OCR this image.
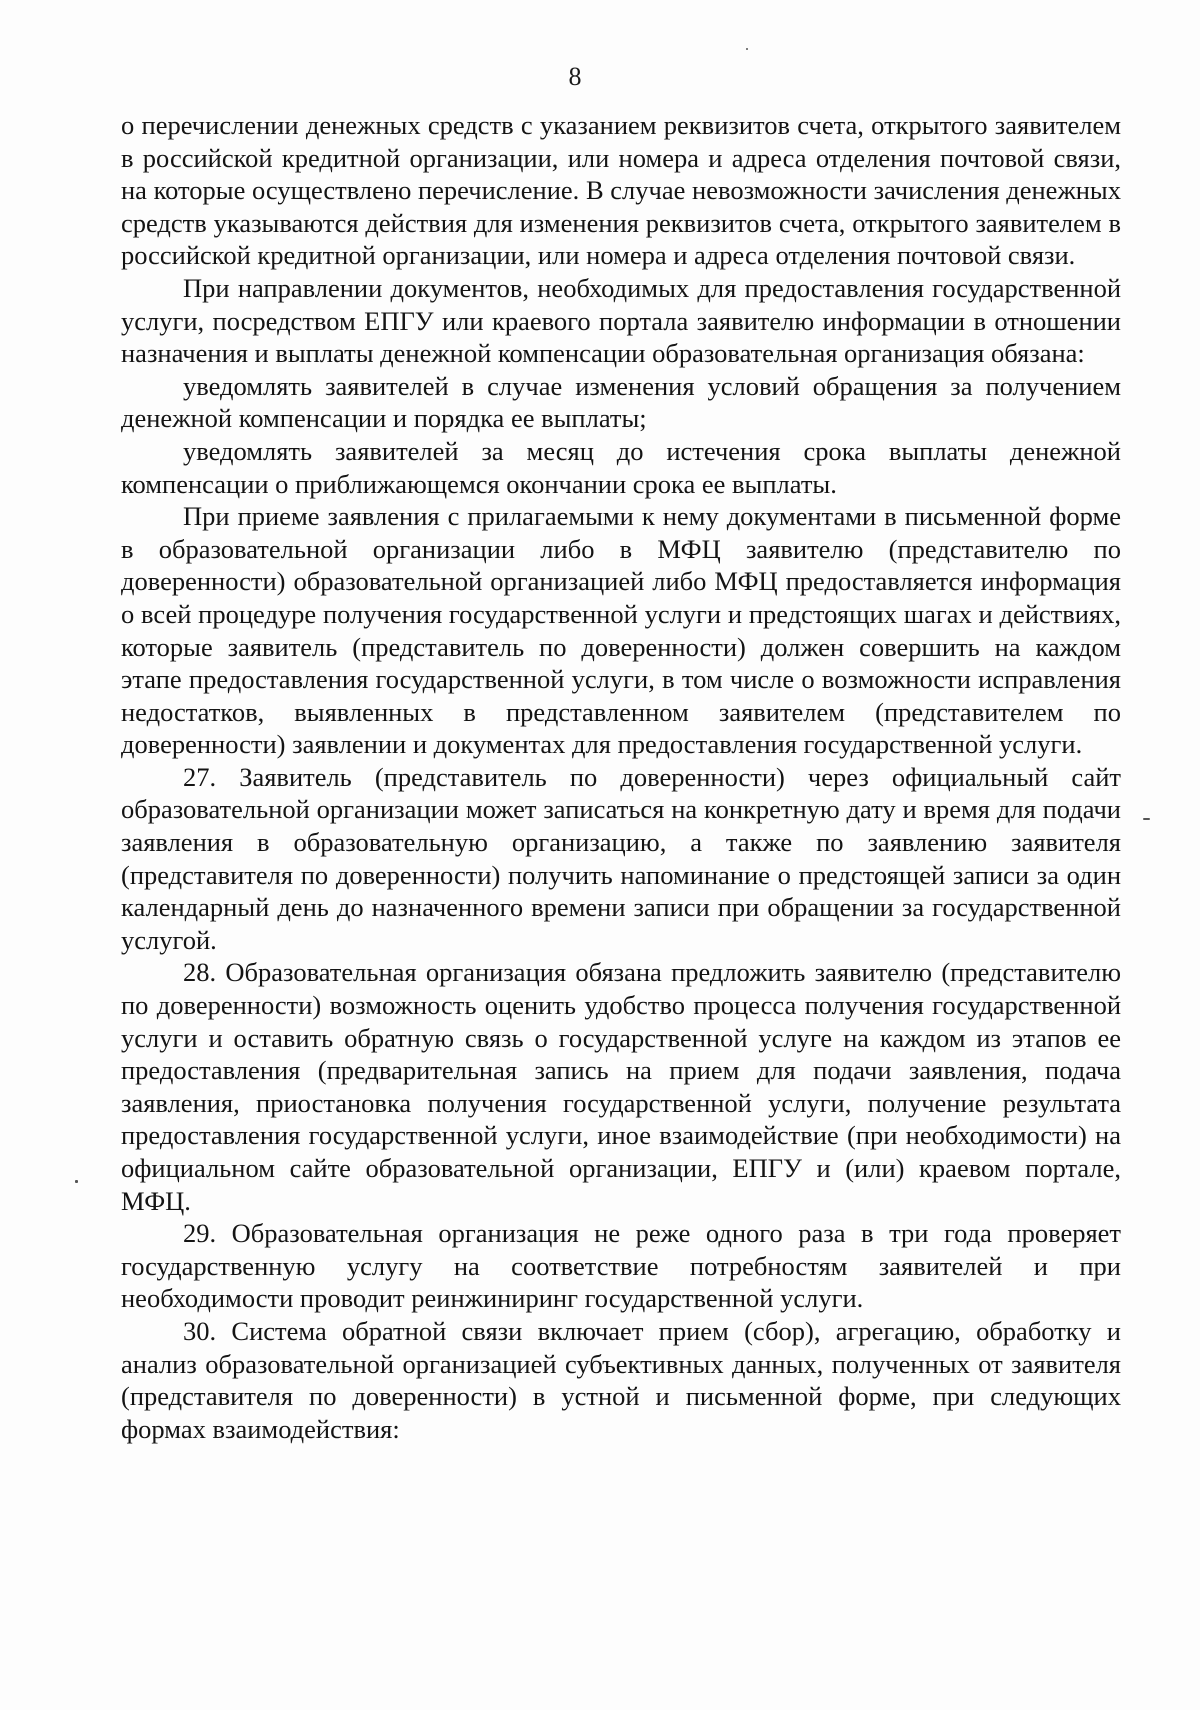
8

о перечислении денежных средств с указанием реквизитов счета, открытого заявителем в российской кредитной организации, или номера и адреса отделения почтовой связи, на которые осуществлено перечисление. В случае невозможности зачисления денежных средств указываются действия для изменения реквизитов счета, открытого заявителем в российской кредитной организации, или номера и адреса отделения почтовой связи.

При направлении документов, необходимых для предоставления государственной услуги, посредством ЕПГУ или краевого портала заявителю информации в отношении назначения и выплаты денежной компенсации образовательная организация обязана:

уведомлять заявителей в случае изменения условий обращения за получением денежной компенсации и порядка ее выплаты;

уведомлять заявителей за месяц до истечения срока выплаты денежной компенсации о приближающемся окончании срока ее выплаты.

При приеме заявления с прилагаемыми к нему документами в письменной форме в образовательной организации либо в МФЦ заявителю (представителю по доверенности) образовательной организацией либо МФЦ предоставляется информация о всей процедуре получения государственной услуги и предстоящих шагах и действиях, которые заявитель (представитель по доверенности) должен совершить на каждом этапе предоставления государственной услуги, в том числе о возможности исправления недостатков, выявленных в представленном заявителем (представителем по доверенности) заявлении и документах для предоставления государственной услуги.

27. Заявитель (представитель по доверенности) через официальный сайт образовательной организации может записаться на конкретную дату и время для подачи заявления в образовательную организацию, а также по заявлению заявителя (представителя по доверенности) получить напоминание о предстоящей записи за один календарный день до назначенного времени записи при обращении за государственной услугой.

28. Образовательная организация обязана предложить заявителю (представителю по доверенности) возможность оценить удобство процесса получения государственной услуги и оставить обратную связь о государственной услуге на каждом из этапов ее предоставления (предварительная запись на прием для подачи заявления, подача заявления, приостановка получения государственной услуги, получение результата предоставления государственной услуги, иное взаимодействие (при необходимости) на официальном сайте образовательной организации, ЕПГУ и (или) краевом портале, МФЦ.

29. Образовательная организация не реже одного раза в три года проверяет государственную услугу на соответствие потребностям заявителей и при необходимости проводит реинжиниринг государственной услуги.

30. Система обратной связи включает прием (сбор), агрегацию, обработку и анализ образовательной организацией субъективных данных, полученных от заявителя (представителя по доверенности) в устной и письменной форме, при следующих формах взаимодействия:
